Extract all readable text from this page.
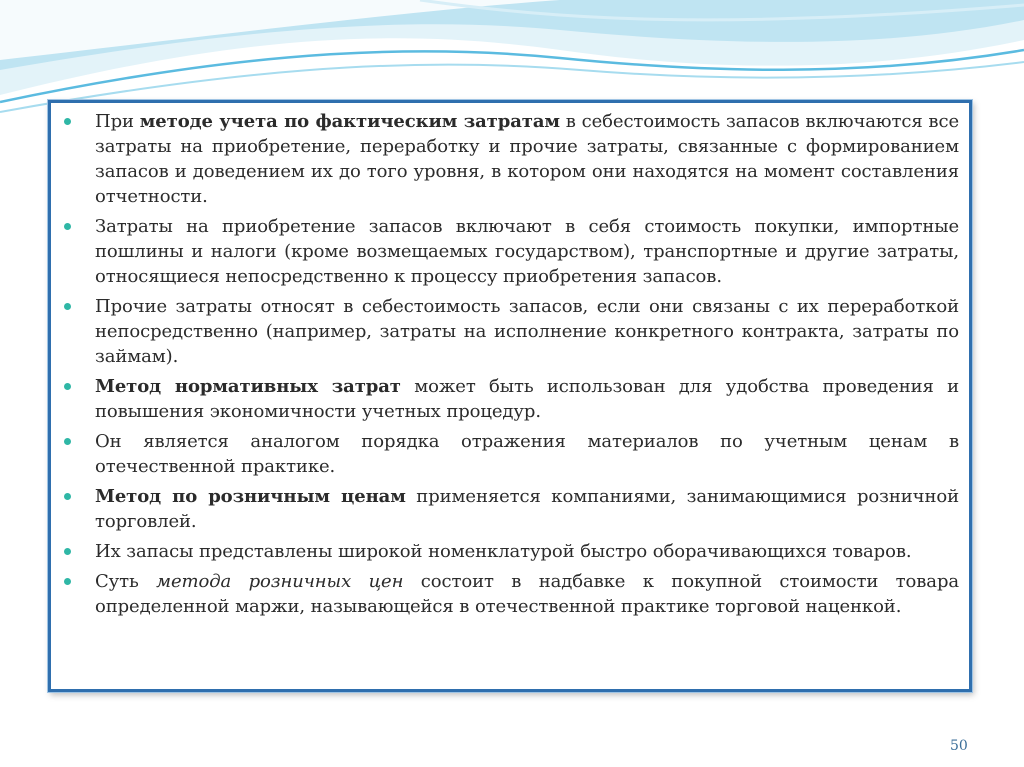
При методе учета по фактическим затратам в себестоимость запасов включаются все затраты на приобретение, переработку и прочие затраты, связанные с формированием запасов и доведением их до того уровня, в котором они находятся на момент составления отчетности.
Затраты на приобретение запасов включают в себя стоимость покупки, импортные пошлины и налоги (кроме возмещаемых государством), транспортные и другие затраты, относящиеся непосредственно к процессу приобретения запасов.
Прочие затраты относят в себестоимость запасов, если они связаны с их переработкой непосредственно (например, затраты на исполнение конкретного контракта, затраты по займам).
Метод нормативных затрат может быть использован для удобства проведения и повышения экономичности учетных процедур.
Он является аналогом порядка отражения материалов по учетным ценам в отечественной практике.
Метод по розничным ценам применяется компаниями, занимающимися розничной торговлей.
Их запасы представлены широкой номенклатурой быстро оборачивающихся товаров.
Суть метода розничных цен состоит в надбавке к покупной стоимости товара определенной маржи, называющейся в отечественной практике торговой наценкой.
50
